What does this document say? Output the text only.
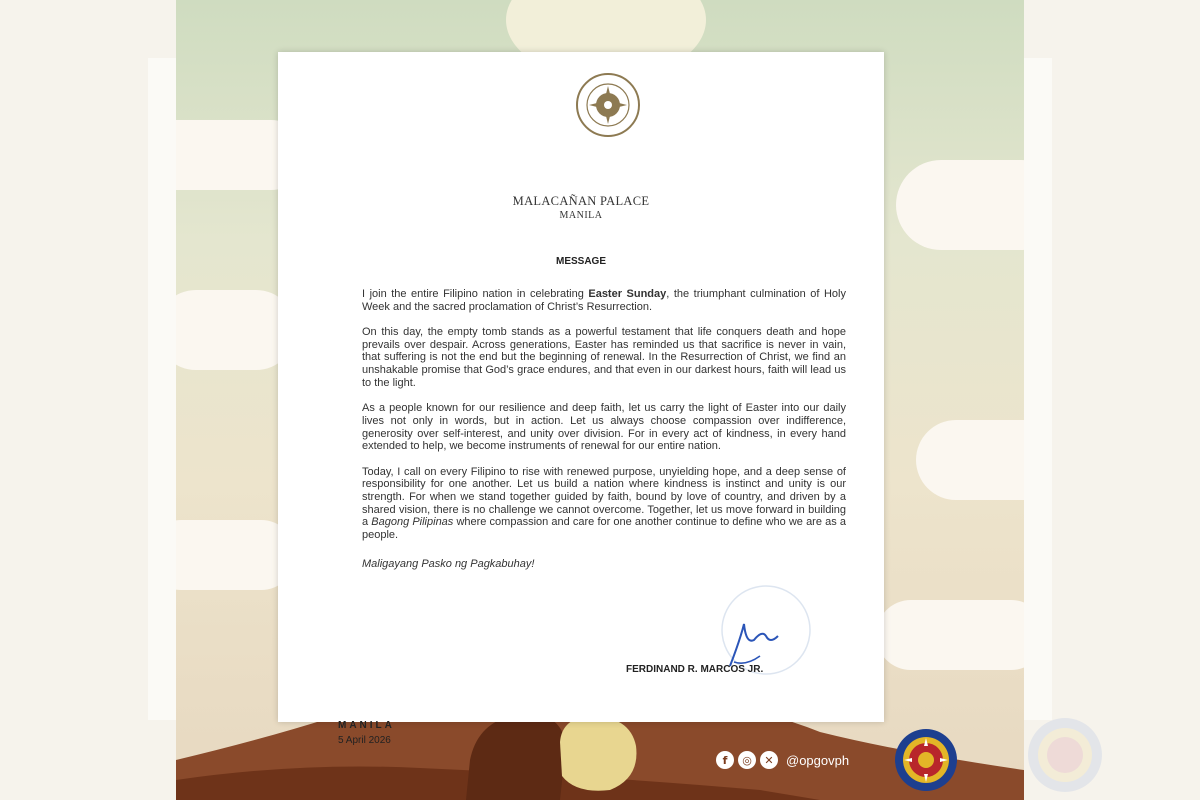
MALACAÑAN PALACE
MANILA
MESSAGE

I join the entire Filipino nation in celebrating Easter Sunday, the triumphant culmination of Holy Week and the sacred proclamation of Christ’s Resurrection.

On this day, the empty tomb stands as a powerful testament that life conquers death and hope prevails over despair. Across generations, Easter has reminded us that sacrifice is never in vain, that suffering is not the end but the beginning of renewal. In the Resurrection of Christ, we find an unshakable promise that God’s grace endures, and that even in our darkest hours, faith will lead us to the light.

As a people known for our resilience and deep faith, let us carry the light of Easter into our daily lives not only in words, but in action. Let us always choose compassion over indifference, generosity over self-interest, and unity over division. For in every act of kindness, in every hand extended to help, we become instruments of renewal for our entire nation.

Today, I call on every Filipino to rise with renewed purpose, unyielding hope, and a deep sense of responsibility for one another. Let us build a nation where kindness is instinct and unity is our strength. For when we stand together guided by faith, bound by love of country, and driven by a shared vision, there is no challenge we cannot overcome. Together, let us move forward in building a Bagong Pilipinas where compassion and care for one another continue to define who we are as a people.

Maligayang Pasko ng Pagkabuhay!

FERDINAND R. MARCOS JR.
MANILA
5 April 2026
f	◎	✕ @opgovph
